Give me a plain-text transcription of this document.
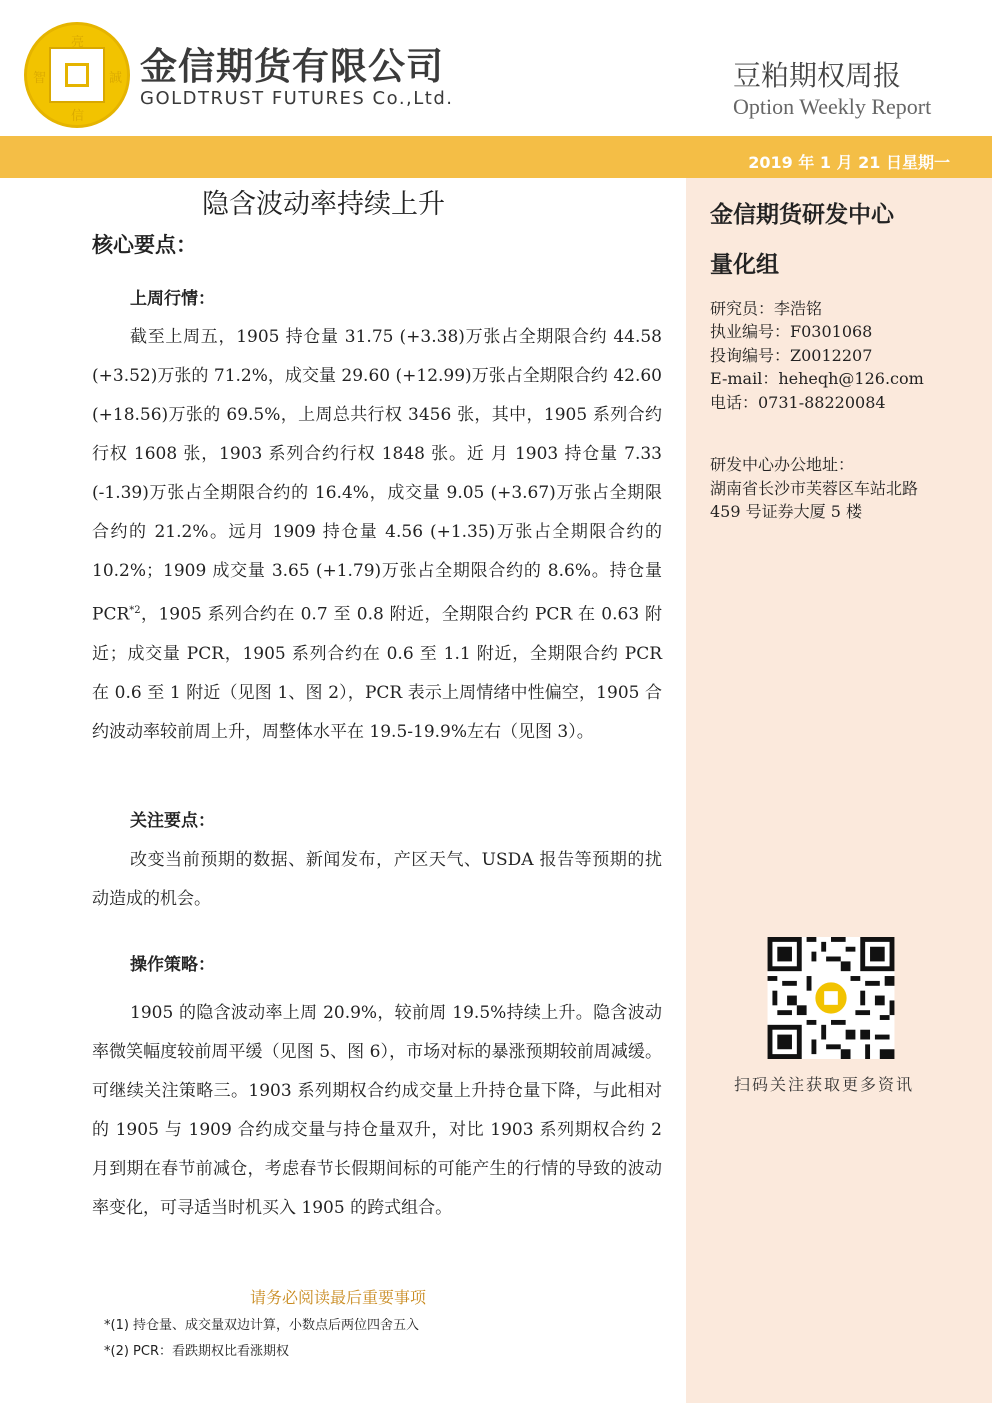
亮
智	誠
信
金信期货有限公司
GOLDTRUST FUTURES Co.,Ltd.
豆粕期权周报
Option Weekly Report
2019 年 1 月 21 日星期一
隐含波动率持续上升
核心要点：
上周行情：

截至上周五，1905 持仓量 31.75 (+3.38)万张占全期限合约 44.58 (+3.52)万张的 71.2%，成交量 29.60 (+12.99)万张占全期限合约 42.60 (+18.56)万张的 69.5%，上周总共行权 3456 张，其中，1905 系列合约行权 1608 张，1903 系列合约行权 1848 张。近 月 1903 持仓量 7.33 (-1.39)万张占全期限合约的 16.4%，成交量 9.05 (+3.67)万张占全期限合约的 21.2%。远月 1909 持仓量 4.56 (+1.35)万张占全期限合约的 10.2%；1909 成交量 3.65 (+1.79)万张占全期限合约的 8.6%。持仓量 PCR$^{*2}$，1905 系列合约在 0.7 至 0.8 附近，全期限合约 PCR 在 0.63 附近；成交量 PCR，1905 系列合约在 0.6 至 1.1 附近，全期限合约 PCR 在 0.6 至 1 附近（见图 1、图 2），PCR 表示上周情绪中性偏空，1905 合约波动率较前周上升，周整体水平在 19.5-19.9%左右（见图 3）。

关注要点：

改变当前预期的数据、新闻发布，产区天气、USDA 报告等预期的扰动造成的机会。

操作策略：

1905 的隐含波动率上周 20.9%，较前周 19.5%持续上升。隐含波动率微笑幅度较前周平缓（见图 5、图 6），市场对标的暴涨预期较前周减缓。可继续关注策略三。1903 系列期权合约成交量上升持仓量下降，与此相对的 1905 与 1909 合约成交量与持仓量双升，对比 1903 系列期权合约 2 月到期在春节前减仓，考虑春节长假期间标的可能产生的行情的导致的波动率变化，可寻适当时机买入 1905 的跨式组合。

请务必阅读最后重要事项
*(1) 持仓量、成交量双边计算，小数点后两位四舍五入
*(2) PCR：看跌期权比看涨期权
金信期货研发中心
量化组
研究员：李浩铭
执业编号：F0301068
投询编号：Z0012207
E-mail：heheqh@126.com
电话：0731-88220084
研发中心办公地址：
湖南省长沙市芙蓉区车站北路
459 号证券大厦 5 楼
扫码关注获取更多资讯
